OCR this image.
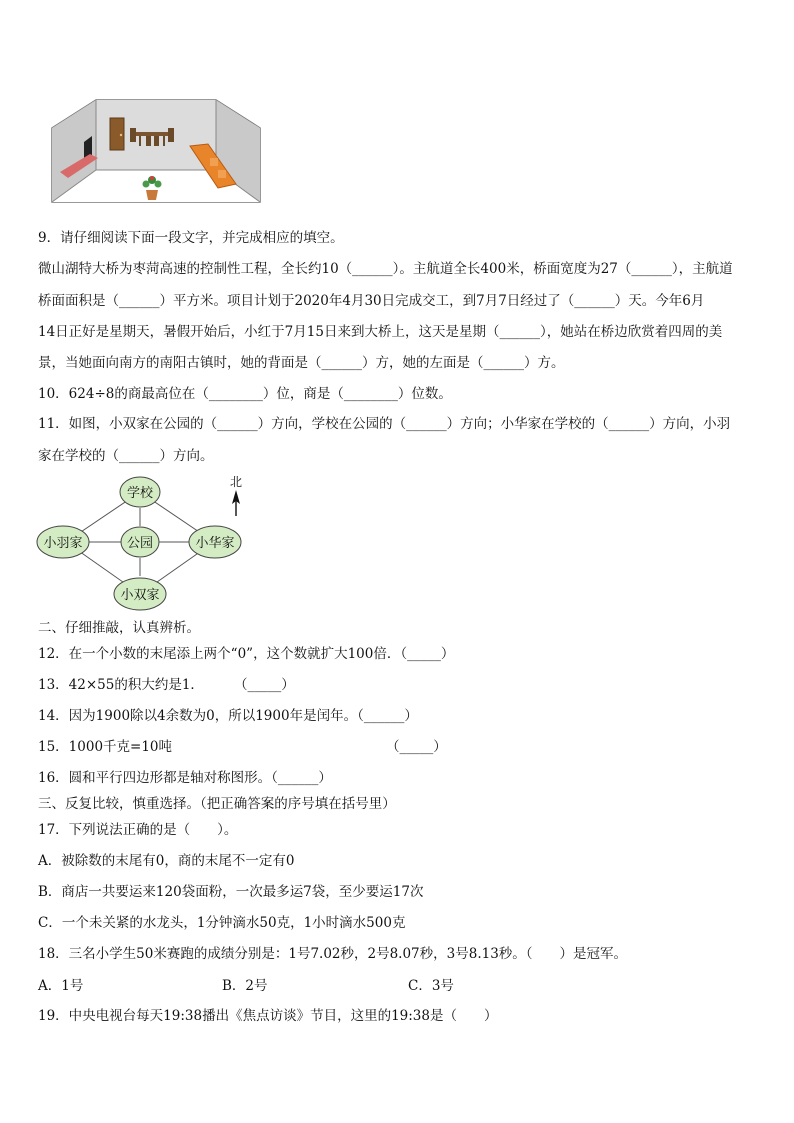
9．请仔细阅读下面一段文字，并完成相应的填空。
微山湖特大桥为枣菏高速的控制性工程，全长约10（______）。主航道全长400米，桥面宽度为27（______），主航道
桥面面积是（______）平方米。项目计划于2020年4月30日完成交工，到7月7日经过了（______）天。今年6月
14日正好是星期天，暑假开始后，小红于7月15日来到大桥上，这天是星期（______），她站在桥边欣赏着四周的美
景，当她面向南方的南阳古镇时，她的背面是（______）方，她的左面是（______）方。
10．624÷8的商最高位在（________）位，商是（________）位数。
11．如图，小双家在公园的（______）方向，学校在公园的（______）方向；小华家在学校的（______）方向，小羽
家在学校的（______）方向。
学校
公园
小羽家	小华家
小双家
北
二、仔细推敲，认真辨析。
12．在一个小数的末尾添上两个“0”，这个数就扩大100倍．（_____）
13．42×55的积大约是1． （_____）
14．因为1900除以4余数为0，所以1900年是闰年。（______）
15．1000千克=10吨	（_____）
16．圆和平行四边形都是轴对称图形。（______）
三、反复比较，慎重选择。（把正确答案的序号填在括号里）
17．下列说法正确的是（　　）。
A．被除数的末尾有0，商的末尾不一定有0
B．商店一共要运来120袋面粉，一次最多运7袋，至少要运17次
C．一个未关紧的水龙头，1分钟滴水50克，1小时滴水500克
18．三名小学生50米赛跑的成绩分别是：1号7.02秒，2号8.07秒，3号8.13秒。（　　）是冠军。
A．1号	B．2号	C．3号
19．中央电视台每天19:38播出《焦点访谈》节目，这里的19:38是（　　）
